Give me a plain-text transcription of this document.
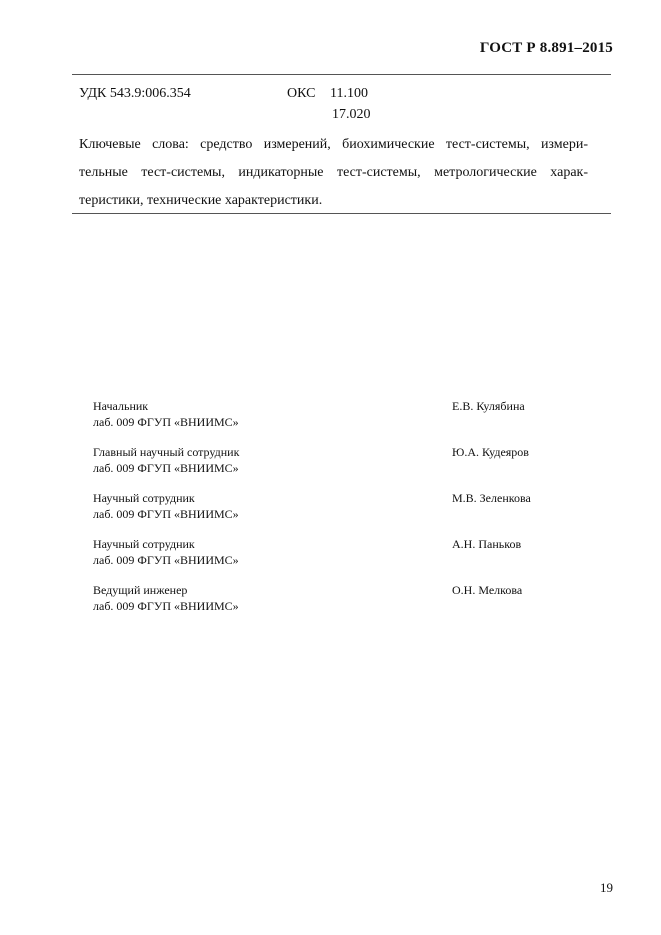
ГОСТ Р 8.891–2015
УДК 543.9:006.354	ОКС 11.100
17.020
Ключевые слова: средство измерений, биохимические тест-системы, измери-
тельные тест-системы, индикаторные тест-системы, метрологические харак-
теристики, технические характеристики.
Начальник
лаб. 009 ФГУП «ВНИИМС»
Е.В. Кулябина
Главный научный сотрудник
лаб. 009 ФГУП «ВНИИМС»
Ю.А. Кудеяров
Научный сотрудник
лаб. 009 ФГУП «ВНИИМС»
М.В. Зеленкова
Научный сотрудник
лаб. 009 ФГУП «ВНИИМС»
А.Н. Паньков
Ведущий инженер
лаб. 009 ФГУП «ВНИИМС»
О.Н. Мелкова
19
